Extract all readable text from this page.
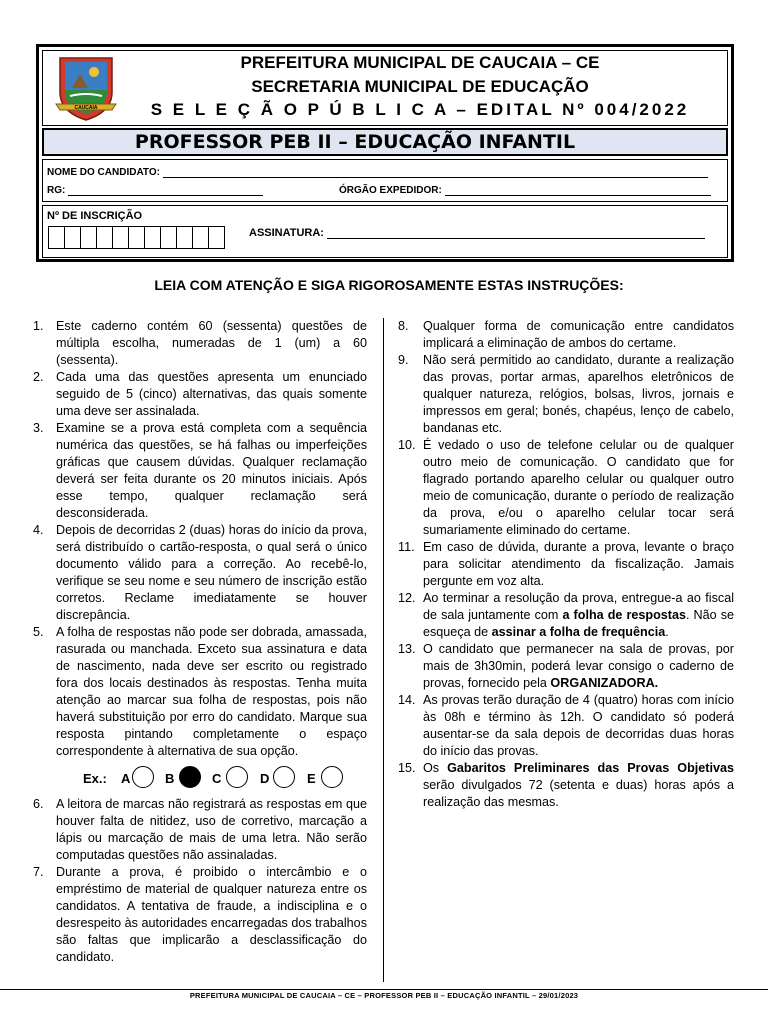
CAUCAIA
PREFEITURA MUNICIPAL DE CAUCAIA – CE
SECRETARIA MUNICIPAL DE EDUCAÇÃO
S E L E Ç Ã O P Ú B L I C A – EDITAL Nº 004/2022
PROFESSOR PEB II – EDUCAÇÃO INFANTIL
NOME DO CANDIDATO:
RG:	ÓRGÃO EXPEDIDOR:
Nº DE INSCRIÇÃO
ASSINATURA:
LEIA COM ATENÇÃO E SIGA RIGOROSAMENTE ESTAS INSTRUÇÕES:
1. Este caderno contém 60 (sessenta) questões de múltipla escolha, numeradas de 1 (um) a 60 (sessenta).
2. Cada uma das questões apresenta um enunciado seguido de 5 (cinco) alternativas, das quais somente uma deve ser assinalada.
3. Examine se a prova está completa com a sequência numérica das questões, se há falhas ou imperfeições gráficas que causem dúvidas. Qualquer reclamação deverá ser feita durante os 20 minutos iniciais. Após esse tempo, qualquer reclamação será desconsiderada.
4. Depois de decorridas 2 (duas) horas do início da prova, será distribuído o cartão-resposta, o qual será o único documento válido para a correção. Ao recebê-lo, verifique se seu nome e seu número de inscrição estão corretos. Reclame imediatamente se houver discrepância.
5. A folha de respostas não pode ser dobrada, amassada, rasurada ou manchada. Exceto sua assinatura e data de nascimento, nada deve ser escrito ou registrado fora dos locais destinados às respostas. Tenha muita atenção ao marcar sua folha de respostas, pois não haverá substituição por erro do candidato. Marque sua resposta pintando completamente o espaço correspondente à alternativa de sua opção.
Ex.: A	B	C	D	E
6. A leitora de marcas não registrará as respostas em que houver falta de nitidez, uso de corretivo, marcação a lápis ou marcação de mais de uma letra. Não serão computadas questões não assinaladas.
7. Durante a prova, é proibido o intercâmbio e o empréstimo de material de qualquer natureza entre os candidatos. A tentativa de fraude, a indisciplina e o desrespeito às autoridades encarregadas dos trabalhos são faltas que implicarão a desclassificação do candidato.
8. Qualquer forma de comunicação entre candidatos implicará a eliminação de ambos do certame.
9. Não será permitido ao candidato, durante a realização das provas, portar armas, aparelhos eletrônicos de qualquer natureza, relógios, bolsas, livros, jornais e impressos em geral; bonés, chapéus, lenço de cabelo, bandanas etc.
10. É vedado o uso de telefone celular ou de qualquer outro meio de comunicação. O candidato que for flagrado portando aparelho celular ou qualquer outro meio de comunicação, durante o período de realização da prova, e/ou o aparelho celular tocar será sumariamente eliminado do certame.
11. Em caso de dúvida, durante a prova, levante o braço para solicitar atendimento da fiscalização. Jamais pergunte em voz alta.
12. Ao terminar a resolução da prova, entregue-a ao fiscal de sala juntamente com a folha de respostas. Não se esqueça de assinar a folha de frequência.
13. O candidato que permanecer na sala de provas, por mais de 3h30min, poderá levar consigo o caderno de provas, fornecido pela ORGANIZADORA.
14. As provas terão duração de 4 (quatro) horas com início às 08h e término às 12h. O candidato só poderá ausentar-se da sala depois de decorridas duas horas do início das provas.
15. Os Gabaritos Preliminares das Provas Objetivas serão divulgados 72 (setenta e duas) horas após a realização das mesmas.
PREFEITURA MUNICIPAL DE CAUCAIA – CE – PROFESSOR PEB II – EDUCAÇÃO INFANTIL – 29/01/2023
